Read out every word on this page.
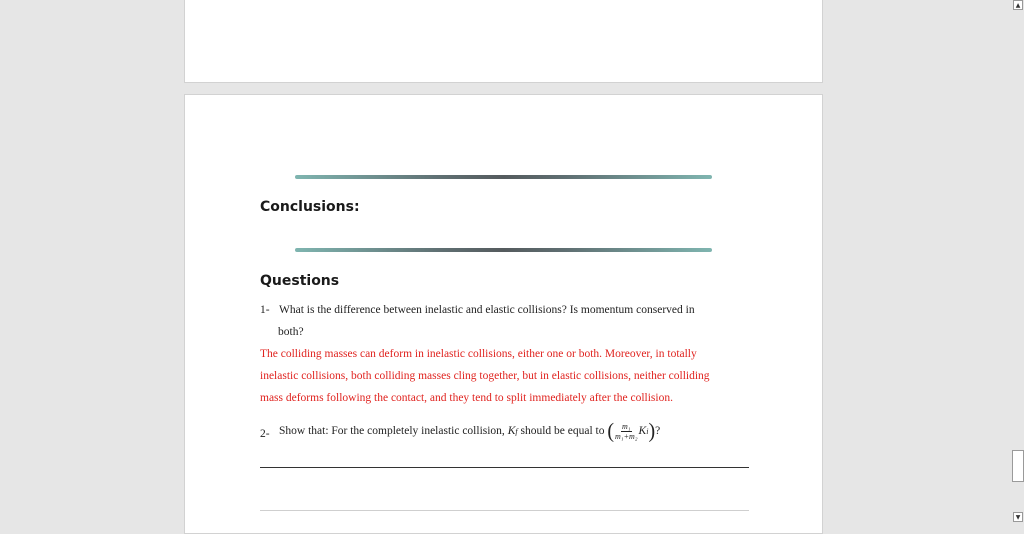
Conclusions:
Questions
1- What is the difference between inelastic and elastic collisions? Is momentum conserved in
both?
The colliding masses can deform in inelastic collisions, either one or both. Moreover, in totally
inelastic collisions, both colliding masses cling together, but in elastic collisions, neither colliding
mass deforms following the contact, and they tend to split immediately after the collision.
2- Show that: For the completely inelastic collision,
K f
should be equal to
( $\frac{\text{m₁}}{\text{m₁+m₂}}$ K i ) ?
▲
▼
